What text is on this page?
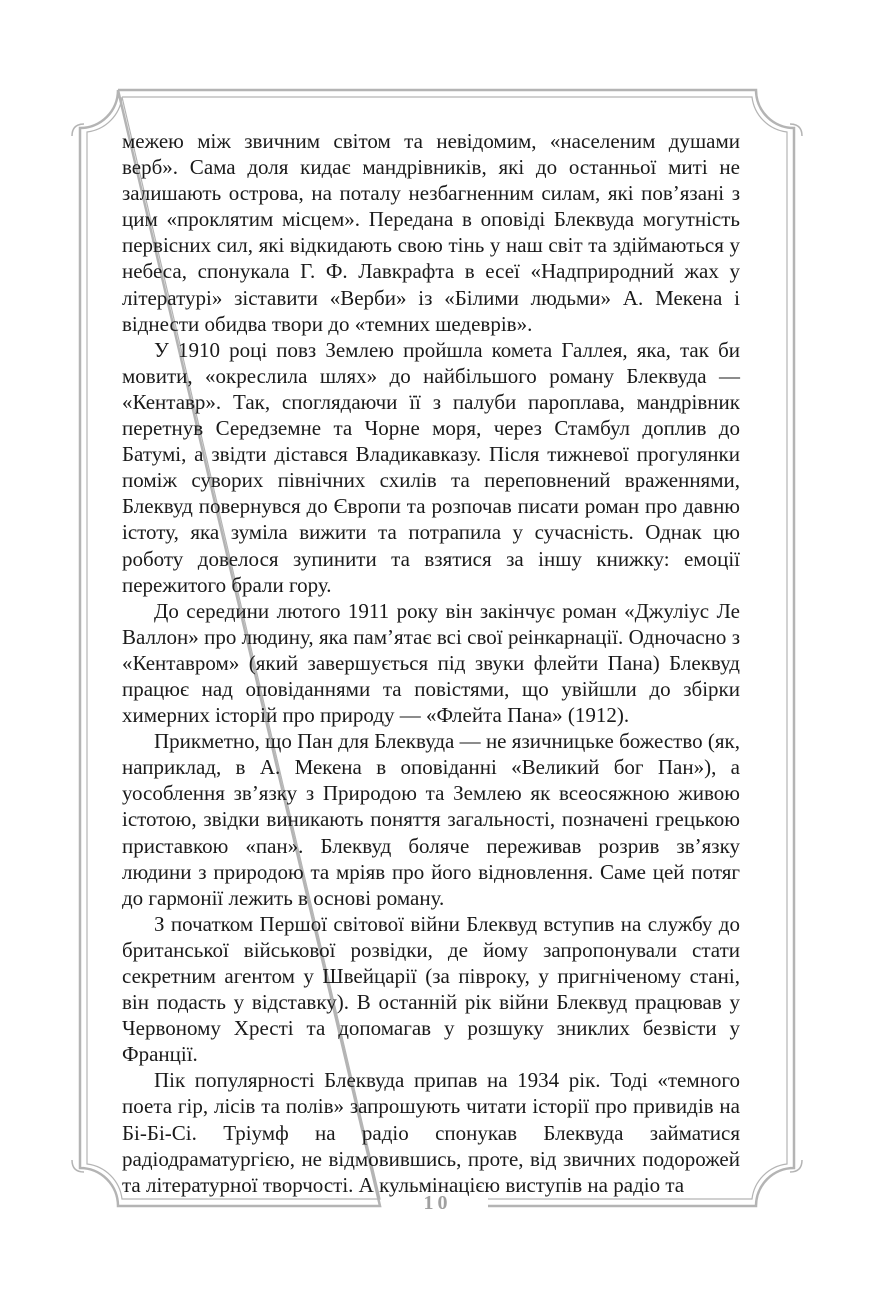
межею між звичним світом та невідомим, «населеним душами верб». Сама доля кидає мандрівників, які до останньої миті не залишають острова, на поталу незбагненним силам, які пов’язані з цим «проклятим місцем». Передана в оповіді Блеквуда могутність первісних сил, які відкидають свою тінь у наш світ та здіймаються у небеса, спонукала Г. Ф. Лавкрафта в есеї «Надприродний жах у літературі» зіставити «Верби» із «Білими людьми» А. Мекена і віднести обидва твори до «темних шедеврів».

У 1910 році повз Землею пройшла комета Галлея, яка, так би мовити, «окреслила шлях» до найбільшого роману Блеквуда — «Кентавр». Так, споглядаючи її з палуби пароплава, мандрівник перетнув Середземне та Чорне моря, через Стамбул доплив до Батумі, а звідти дістався Владикавказу. Після тижневої прогулянки поміж суворих північних схилів та переповнений враженнями, Блеквуд повернувся до Європи та розпочав писати роман про давню істоту, яка зуміла вижити та потрапила у сучасність. Однак цю роботу довелося зупинити та взятися за іншу книжку: емоції пережитого брали гору.

До середини лютого 1911 року він закінчує роман «Джуліус Ле Валлон» про людину, яка пам’ятає всі свої реінкарнації. Одночасно з «Кентавром» (який завершується під звуки флейти Пана) Блеквуд працює над оповіданнями та повістями, що увійшли до збірки химерних історій про природу — «Флейта Пана» (1912).

Прикметно, що Пан для Блеквуда — не язичницьке божество (як, наприклад, в А. Мекена в оповіданні «Великий бог Пан»), а уособлення зв’язку з Природою та Землею як всеосяжною живою істотою, звідки виникають поняття загальності, позначені грецькою приставкою «пан». Блеквуд боляче переживав розрив зв’язку людини з природою та мріяв про його відновлення. Саме цей потяг до гармонії лежить в основі роману.

З початком Першої світової війни Блеквуд вступив на службу до британської військової розвідки, де йому запропонували стати секретним агентом у Швейцарії (за півроку, у пригніченому стані, він подасть у відставку). В останній рік війни Блеквуд працював у Червоному Хресті та допомагав у розшуку зниклих безвісти у Франції.

Пік популярності Блеквуда припав на 1934 рік. Тоді «темного поета гір, лісів та полів» запрошують читати історії про привидів на Бі-Бі-Сі. Тріумф на радіо спонукав Блеквуда займатися радіодраматургією, не відмовившись, проте, від звичних подорожей та літературної творчості. А кульмінацією виступів на радіо та

10
